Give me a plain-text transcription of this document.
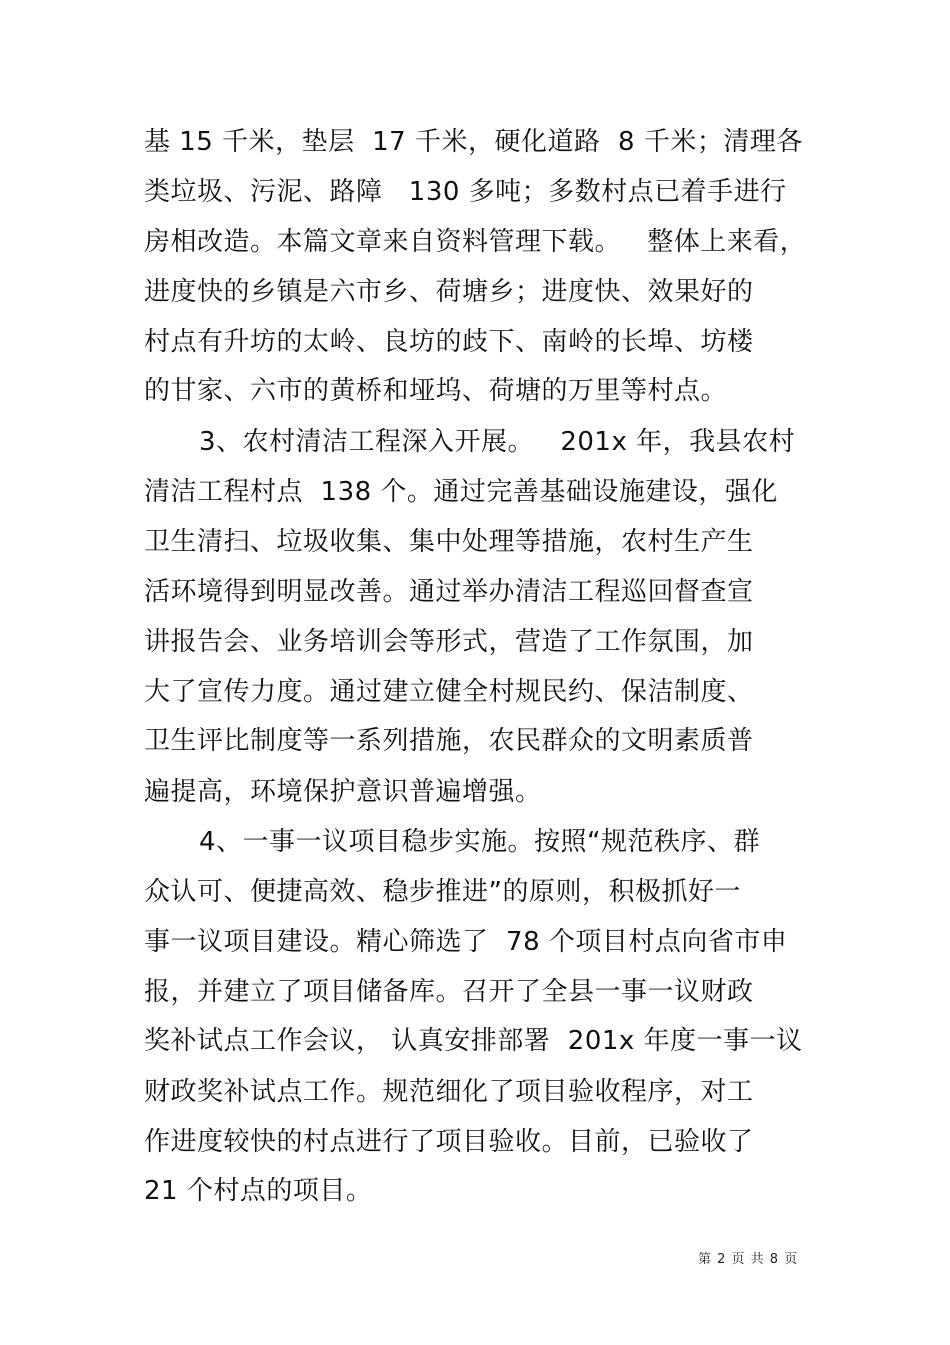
基 15 千米，垫层  17 千米，硬化道路  8 千米；清理各
类垃圾、污泥、路障   130 多吨；多数村点已着手进行
房相改造。本篇文章来自资料管理下载。   整体上来看，
进度快的乡镇是六市乡、荷塘乡；进度快、效果好的
村点有升坊的太岭、良坊的歧下、南岭的长埠、坊楼
的甘家、六市的黄桥和垭坞、荷塘的万里等村点。
3、农村清洁工程深入开展。   201x 年，我县农村
清洁工程村点  138 个。通过完善基础设施建设，强化
卫生清扫、垃圾收集、集中处理等措施，农村生产生
活环境得到明显改善。通过举办清洁工程巡回督查宣
讲报告会、业务培训会等形式，营造了工作氛围，加
大了宣传力度。通过建立健全村规民约、保洁制度、
卫生评比制度等一系列措施，农民群众的文明素质普
遍提高，环境保护意识普遍增强。
4、一事一议项目稳步实施。按照“规范秩序、群
众认可、便捷高效、稳步推进”的原则，积极抓好一
事一议项目建设。精心筛选了  78 个项目村点向省市申
报，并建立了项目储备库。召开了全县一事一议财政
奖补试点工作会议， 认真安排部署  201x 年度一事一议
财政奖补试点工作。规范细化了项目验收程序，对工
作进度较快的村点进行了项目验收。目前，已验收了
21 个村点的项目。
第 2 页 共 8 页
